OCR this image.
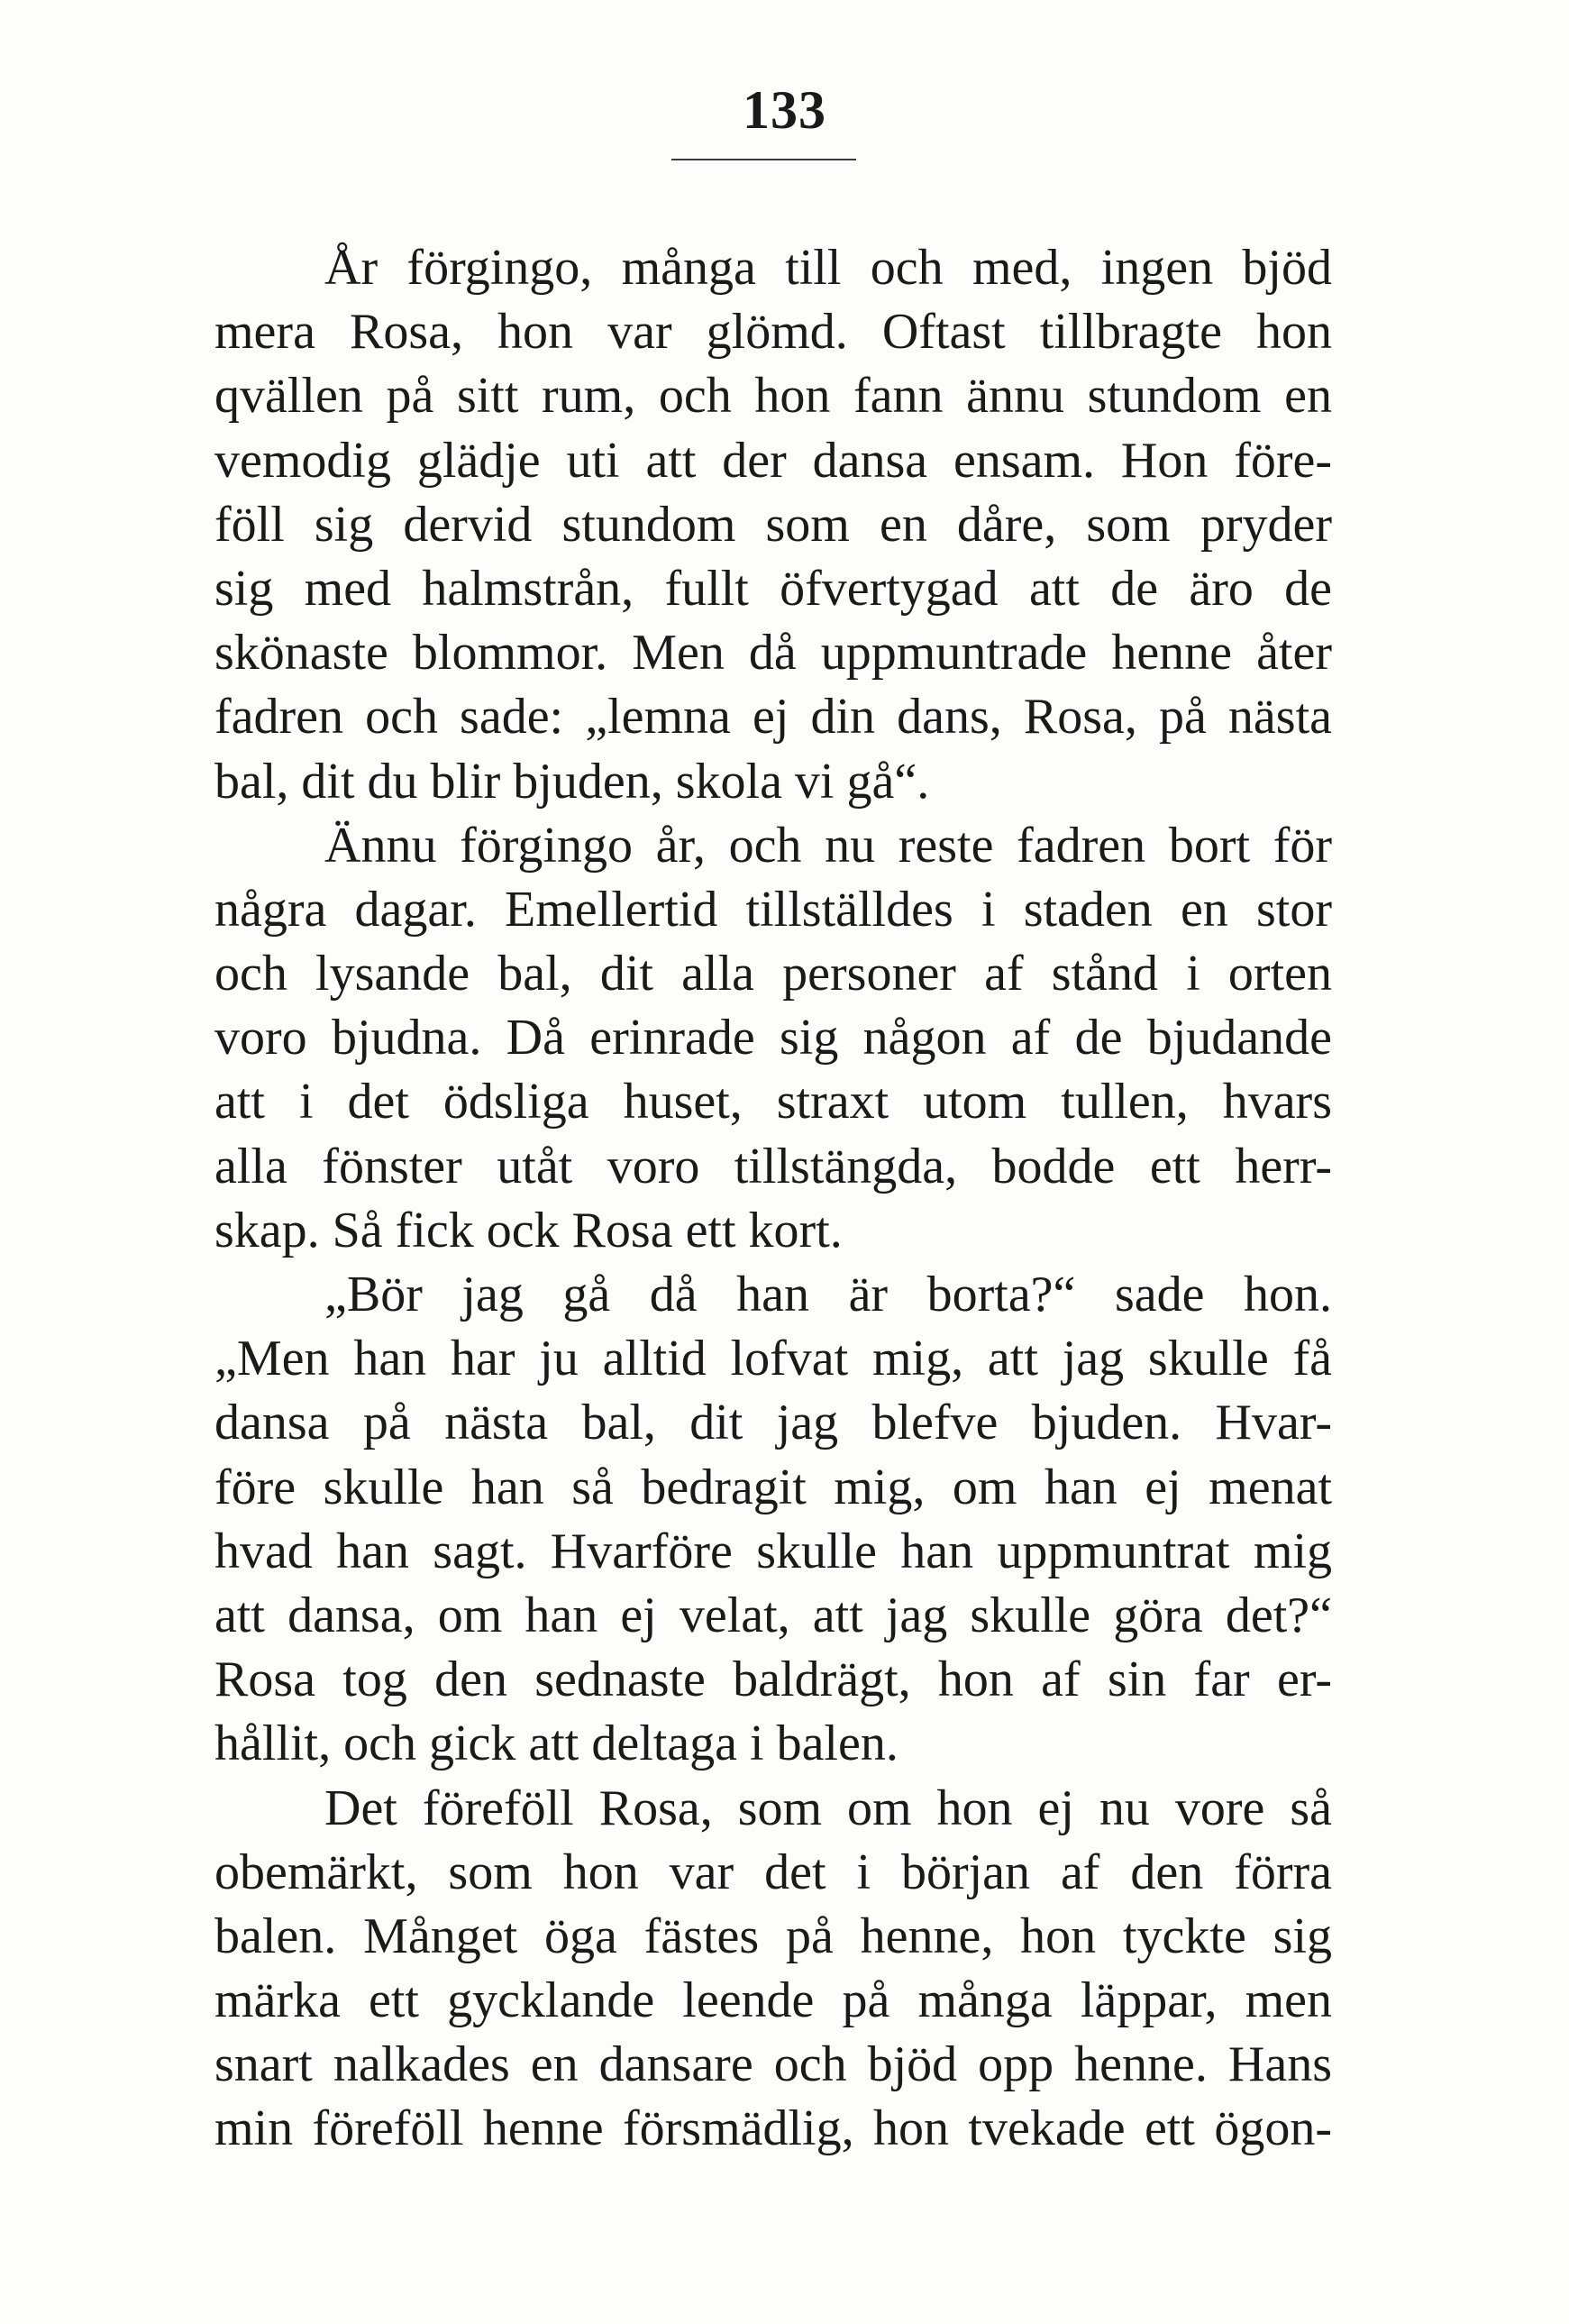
133
År förgingo, många till och med, ingen bjöd
mera Rosa, hon var glömd. Oftast tillbragte hon
qvällen på sitt rum, och hon fann ännu stundom en
vemodig glädje uti att der dansa ensam. Hon före-
föll sig dervid stundom som en dåre, som pryder
sig med halmstrån, fullt öfvertygad att de äro de
skönaste blommor. Men då uppmuntrade henne åter
fadren och sade: „lemna ej din dans, Rosa, på nästa
bal, dit du blir bjuden, skola vi gå“.
Ännu förgingo år, och nu reste fadren bort för
några dagar. Emellertid tillställdes i staden en stor
och lysande bal, dit alla personer af stånd i orten
voro bjudna. Då erinrade sig någon af de bjudande
att i det ödsliga huset, straxt utom tullen, hvars
alla fönster utåt voro tillstängda, bodde ett herr-
skap. Så fick ock Rosa ett kort.
„Bör jag gå då han är borta?“ sade hon.
„Men han har ju alltid lofvat mig, att jag skulle få
dansa på nästa bal, dit jag blefve bjuden. Hvar-
före skulle han så bedragit mig, om han ej menat
hvad han sagt. Hvarföre skulle han uppmuntrat mig
att dansa, om han ej velat, att jag skulle göra det?“
Rosa tog den sednaste baldrägt, hon af sin far er-
hållit, och gick att deltaga i balen.
Det föreföll Rosa, som om hon ej nu vore så
obemärkt, som hon var det i början af den förra
balen. Månget öga fästes på henne, hon tyckte sig
märka ett gycklande leende på många läppar, men
snart nalkades en dansare och bjöd opp henne. Hans
min föreföll henne försmädlig, hon tvekade ett ögon-
